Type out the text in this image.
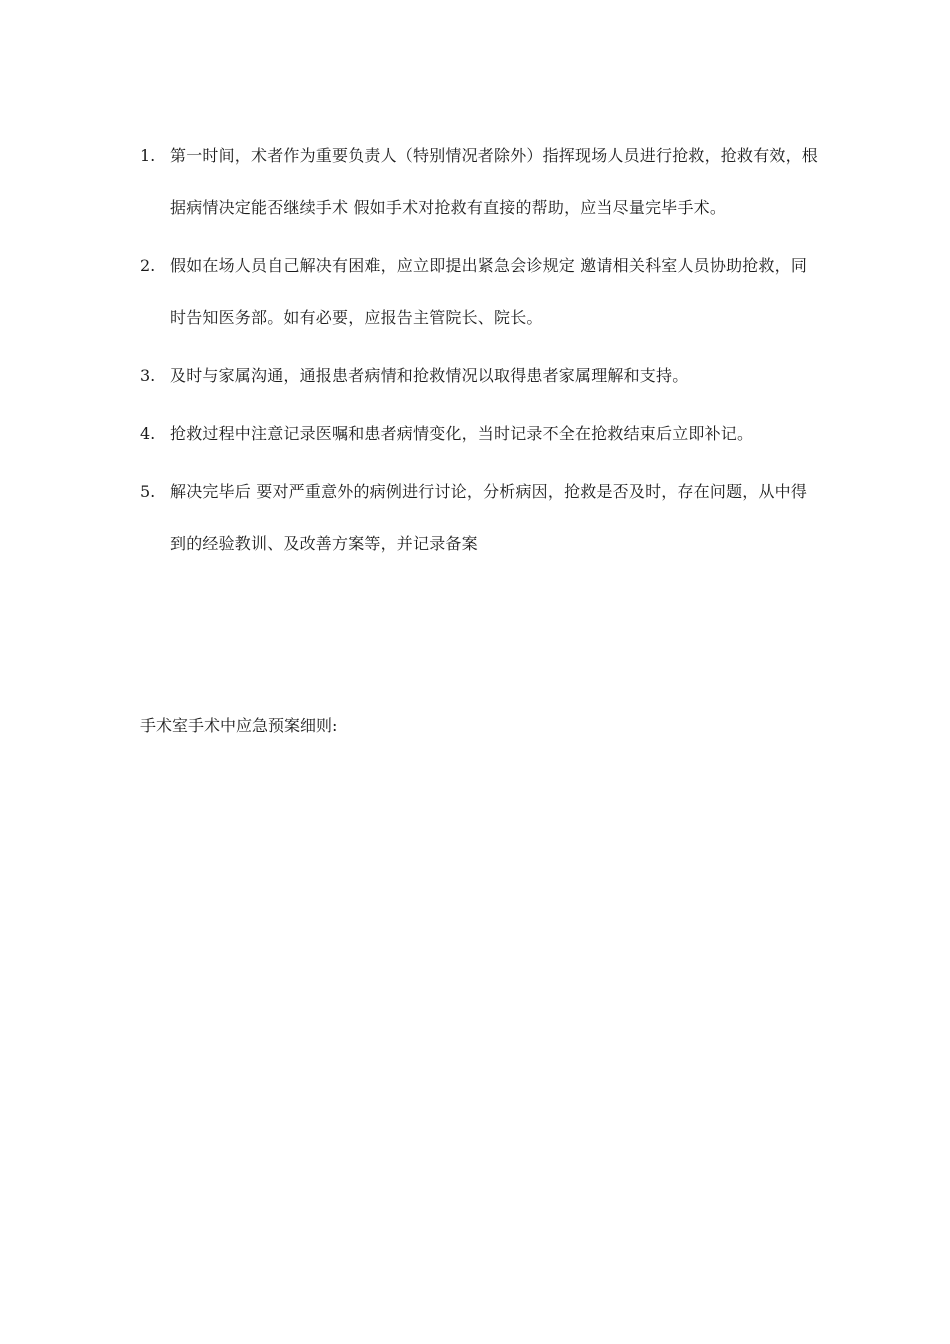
1. 第一时间，术者作为重要负责人（特别情况者除外）指挥现场人员进行抢救，抢救有效，根据病情决定能否继续手术 假如手术对抢救有直接的帮助，应当尽量完毕手术。
2. 假如在场人员自己解决有困难，应立即提出紧急会诊规定 邀请相关科室人员协助抢救，同时告知医务部。如有必要，应报告主管院长、院长。
3. 及时与家属沟通，通报患者病情和抢救情况以取得患者家属理解和支持。
4. 抢救过程中注意记录医嘱和患者病情变化，当时记录不全在抢救结束后立即补记。
5. 解决完毕后 要对严重意外的病例进行讨论，分析病因，抢救是否及时，存在问题，从中得到的经验教训、及改善方案等，并记录备案
手术室手术中应急预案细则:
